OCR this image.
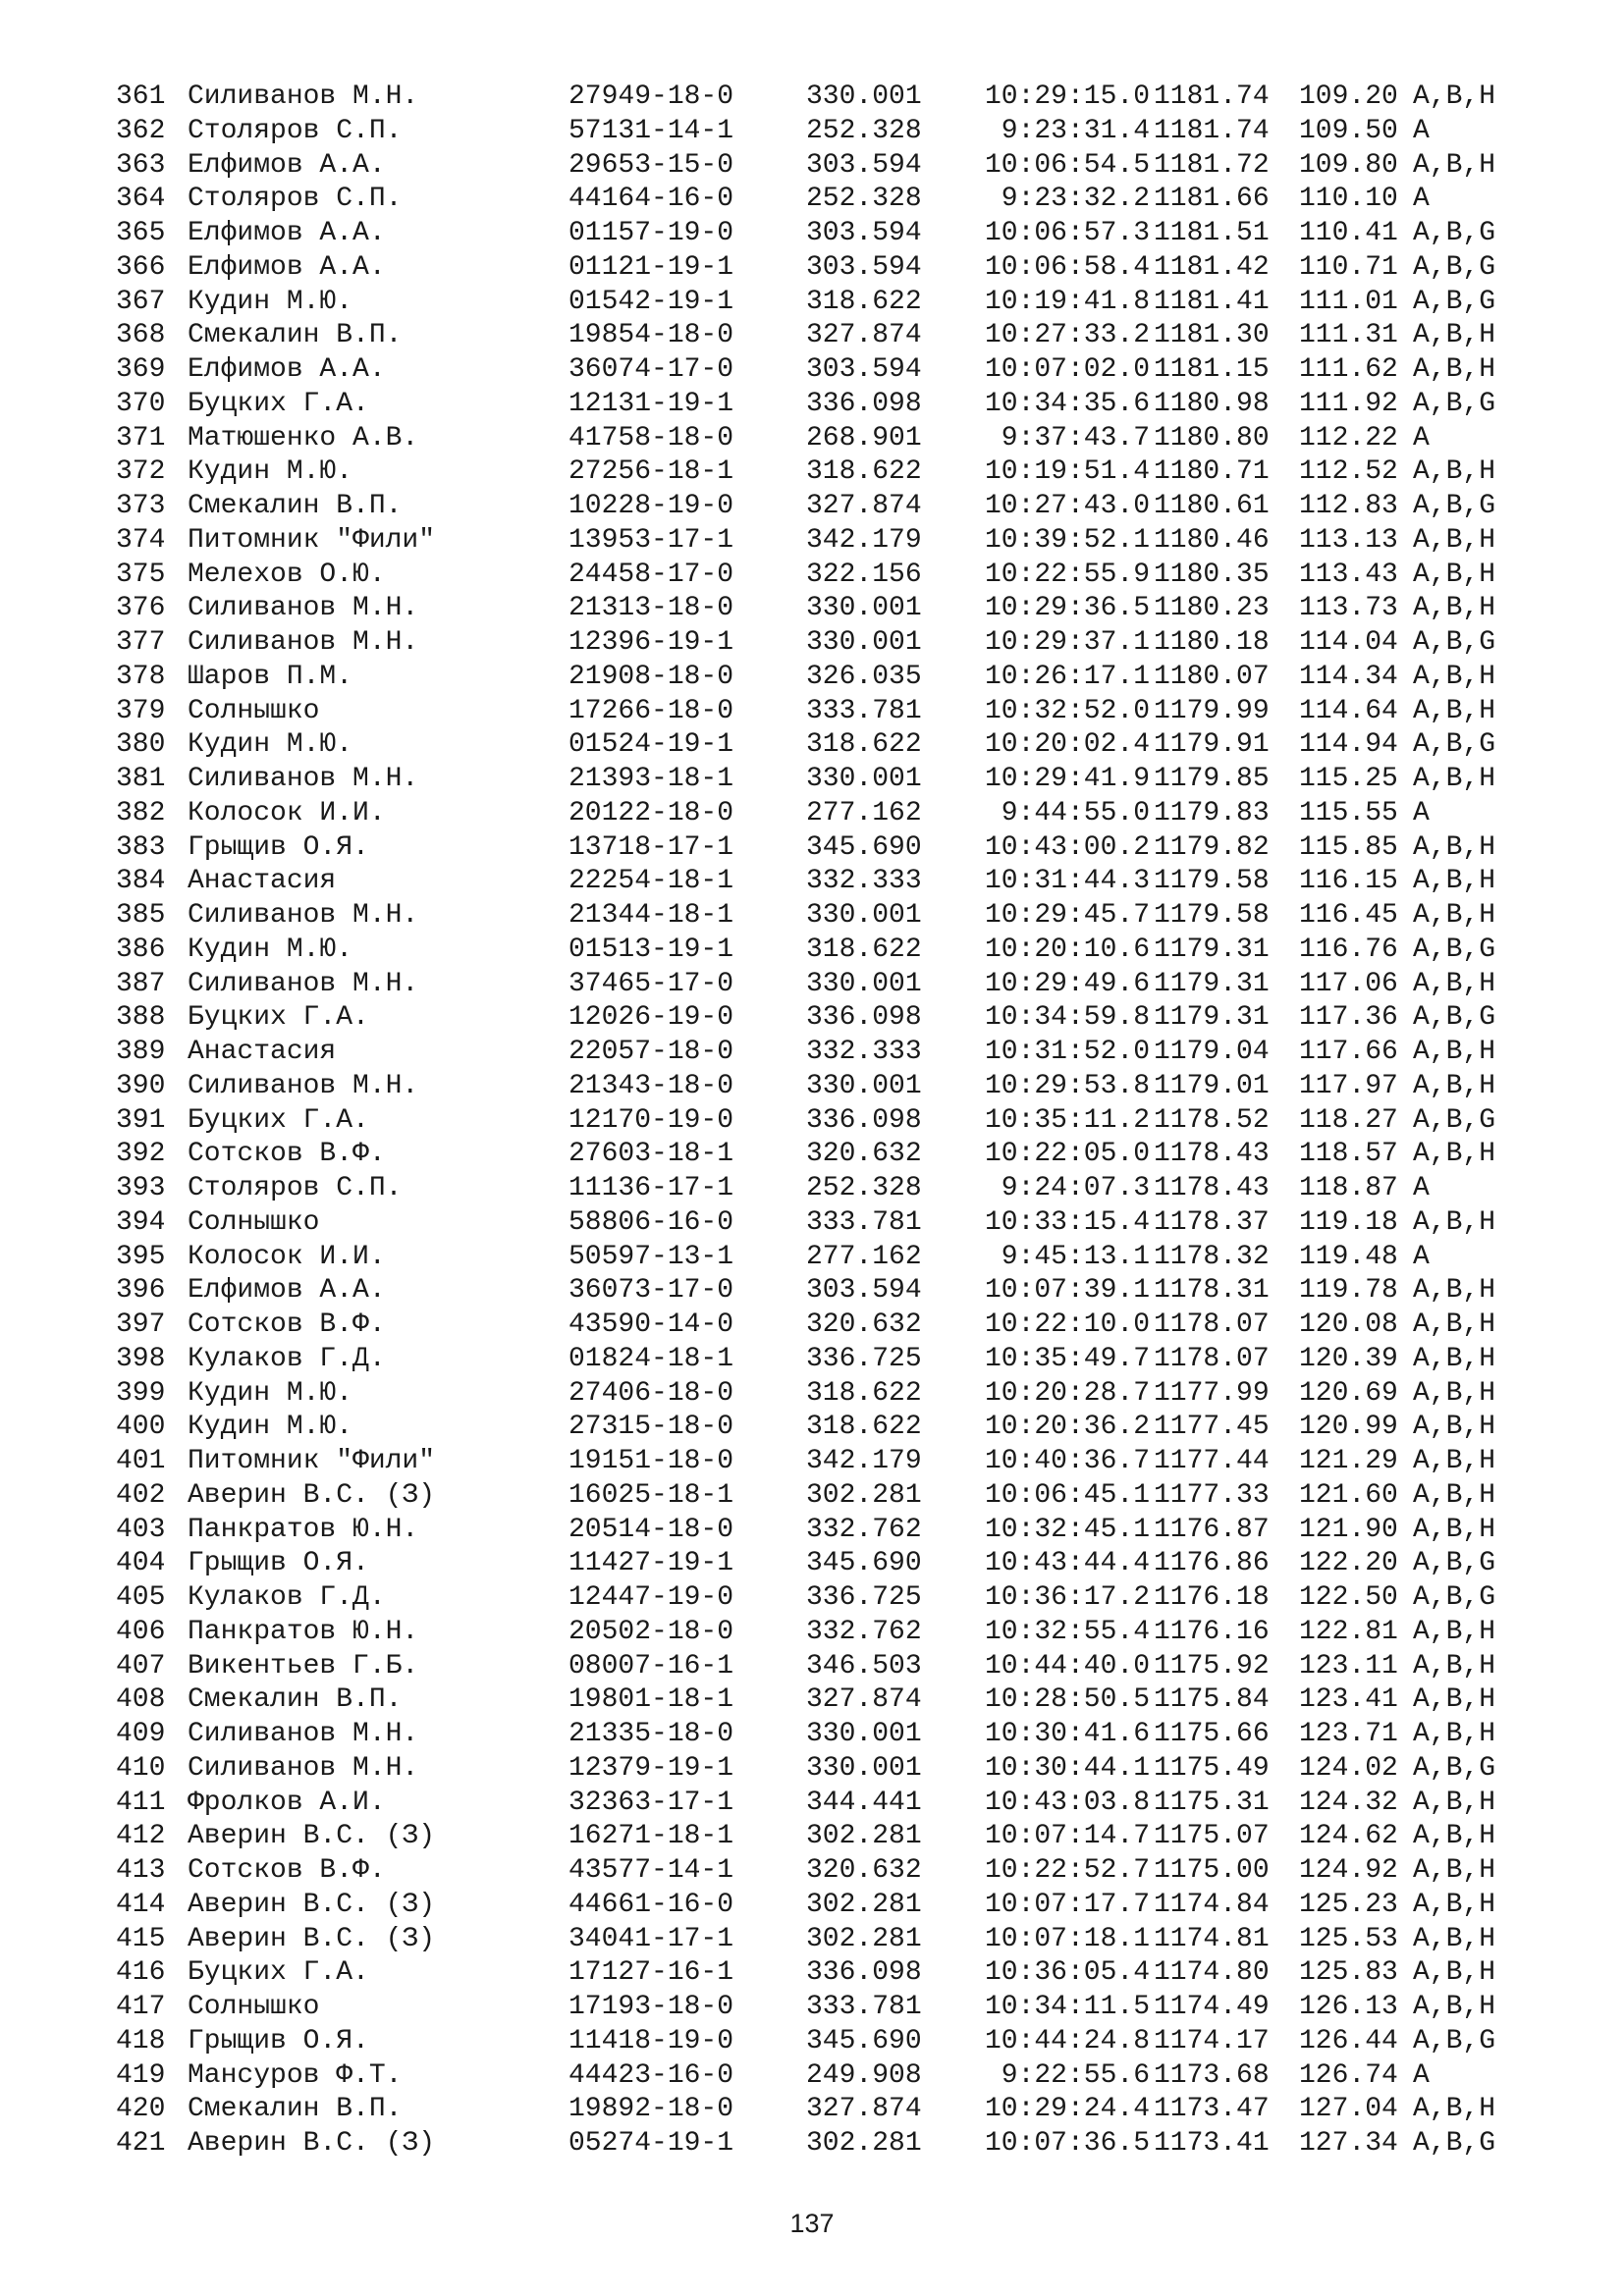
361 Силиванов М.Н.	27949-18-0	330.001 10:29:15.0 1181.74 109.20 A,B,H
362 Столяров С.П.	57131-14-1	252.328	9:23:31.4 1181.74 109.50 A
363 Елфимов А.А.	29653-15-0	303.594 10:06:54.5 1181.72 109.80 A,B,H
364 Столяров С.П.	44164-16-0	252.328	9:23:32.2 1181.66 110.10 A
365 Елфимов А.А.	01157-19-0	303.594 10:06:57.3 1181.51 110.41 A,B,G
366 Елфимов А.А.	01121-19-1	303.594 10:06:58.4 1181.42 110.71 A,B,G
367 Кудин М.Ю.	01542-19-1	318.622 10:19:41.8 1181.41 111.01 A,B,G
368 Смекалин В.П.	19854-18-0	327.874 10:27:33.2 1181.30 111.31 A,B,H
369 Елфимов А.А.	36074-17-0	303.594 10:07:02.0 1181.15 111.62 A,B,H
370 Буцких Г.А.	12131-19-1	336.098 10:34:35.6 1180.98 111.92 A,B,G
371 Матюшенко А.В.	41758-18-0	268.901	9:37:43.7 1180.80 112.22 A
372 Кудин М.Ю.	27256-18-1	318.622 10:19:51.4 1180.71 112.52 A,B,H
373 Смекалин В.П.	10228-19-0	327.874 10:27:43.0 1180.61 112.83 A,B,G
374 Питомник "Фили"	13953-17-1	342.179 10:39:52.1 1180.46 113.13 A,B,H
375 Мелехов О.Ю.	24458-17-0	322.156 10:22:55.9 1180.35 113.43 A,B,H
376 Силиванов М.Н.	21313-18-0	330.001 10:29:36.5 1180.23 113.73 A,B,H
377 Силиванов М.Н.	12396-19-1	330.001 10:29:37.1 1180.18 114.04 A,B,G
378 Шаров П.М.	21908-18-0	326.035 10:26:17.1 1180.07 114.34 A,B,H
379 Солнышко	17266-18-0	333.781 10:32:52.0 1179.99 114.64 A,B,H
380 Кудин М.Ю.	01524-19-1	318.622 10:20:02.4 1179.91 114.94 A,B,G
381 Силиванов М.Н.	21393-18-1	330.001 10:29:41.9 1179.85 115.25 A,B,H
382 Колосок И.И.	20122-18-0	277.162	9:44:55.0 1179.83 115.55 A
383 Грыщив О.Я.	13718-17-1	345.690 10:43:00.2 1179.82 115.85 A,B,H
384 Анастасия	22254-18-1	332.333 10:31:44.3 1179.58 116.15 A,B,H
385 Силиванов М.Н.	21344-18-1	330.001 10:29:45.7 1179.58 116.45 A,B,H
386 Кудин М.Ю.	01513-19-1	318.622 10:20:10.6 1179.31 116.76 A,B,G
387 Силиванов М.Н.	37465-17-0	330.001 10:29:49.6 1179.31 117.06 A,B,H
388 Буцких Г.А.	12026-19-0	336.098 10:34:59.8 1179.31 117.36 A,B,G
389 Анастасия	22057-18-0	332.333 10:31:52.0 1179.04 117.66 A,B,H
390 Силиванов М.Н.	21343-18-0	330.001 10:29:53.8 1179.01 117.97 A,B,H
391 Буцких Г.А.	12170-19-0	336.098 10:35:11.2 1178.52 118.27 A,B,G
392 Сотсков В.Ф.	27603-18-1	320.632 10:22:05.0 1178.43 118.57 A,B,H
393 Столяров С.П.	11136-17-1	252.328	9:24:07.3 1178.43 118.87 A
394 Солнышко	58806-16-0	333.781 10:33:15.4 1178.37 119.18 A,B,H
395 Колосок И.И.	50597-13-1	277.162	9:45:13.1 1178.32 119.48 A
396 Елфимов А.А.	36073-17-0	303.594 10:07:39.1 1178.31 119.78 A,B,H
397 Сотсков В.Ф.	43590-14-0	320.632 10:22:10.0 1178.07 120.08 A,B,H
398 Кулаков Г.Д.	01824-18-1	336.725 10:35:49.7 1178.07 120.39 A,B,H
399 Кудин М.Ю.	27406-18-0	318.622 10:20:28.7 1177.99 120.69 A,B,H
400 Кудин М.Ю.	27315-18-0	318.622 10:20:36.2 1177.45 120.99 A,B,H
401 Питомник "Фили"	19151-18-0	342.179 10:40:36.7 1177.44 121.29 A,B,H
402 Аверин В.С. (З)	16025-18-1	302.281 10:06:45.1 1177.33 121.60 A,B,H
403 Панкратов Ю.Н.	20514-18-0	332.762 10:32:45.1 1176.87 121.90 A,B,H
404 Грыщив О.Я.	11427-19-1	345.690 10:43:44.4 1176.86 122.20 A,B,G
405 Кулаков Г.Д.	12447-19-0	336.725 10:36:17.2 1176.18 122.50 A,B,G
406 Панкратов Ю.Н.	20502-18-0	332.762 10:32:55.4 1176.16 122.81 A,B,H
407 Викентьев Г.Б.	08007-16-1	346.503 10:44:40.0 1175.92 123.11 A,B,H
408 Смекалин В.П.	19801-18-1	327.874 10:28:50.5 1175.84 123.41 A,B,H
409 Силиванов М.Н.	21335-18-0	330.001 10:30:41.6 1175.66 123.71 A,B,H
410 Силиванов М.Н.	12379-19-1	330.001 10:30:44.1 1175.49 124.02 A,B,G
411 Фролков А.И.	32363-17-1	344.441 10:43:03.8 1175.31 124.32 A,B,H
412 Аверин В.С. (З)	16271-18-1	302.281 10:07:14.7 1175.07 124.62 A,B,H
413 Сотсков В.Ф.	43577-14-1	320.632 10:22:52.7 1175.00 124.92 A,B,H
414 Аверин В.С. (З)	44661-16-0	302.281 10:07:17.7 1174.84 125.23 A,B,H
415 Аверин В.С. (З)	34041-17-1	302.281 10:07:18.1 1174.81 125.53 A,B,H
416 Буцких Г.А.	17127-16-1	336.098 10:36:05.4 1174.80 125.83 A,B,H
417 Солнышко	17193-18-0	333.781 10:34:11.5 1174.49 126.13 A,B,H
418 Грыщив О.Я.	11418-19-0	345.690 10:44:24.8 1174.17 126.44 A,B,G
419 Мансуров Ф.Т.	44423-16-0	249.908	9:22:55.6 1173.68 126.74 A
420 Смекалин В.П.	19892-18-0	327.874 10:29:24.4 1173.47 127.04 A,B,H
421 Аверин В.С. (З)	05274-19-1	302.281 10:07:36.5 1173.41 127.34 A,B,G
137
